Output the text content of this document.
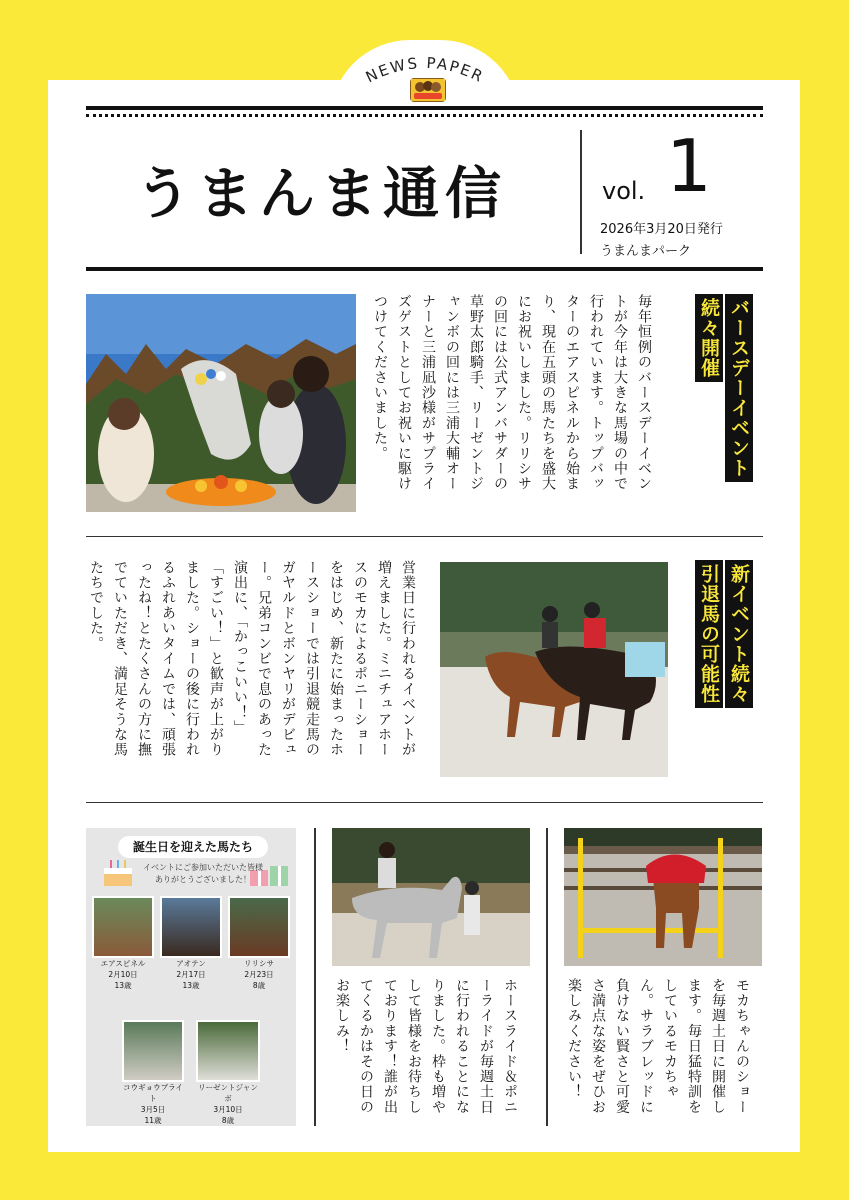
NEWS PAPER
うまんま通信	vol. 1
2026年3月20日発行
うまんまパーク
毎年恒例のバースデーイベン
トが今年は大きな馬場の中で
行われています。トップバッ
ターのエアスピネルから始ま
り、現在五頭の馬たちを盛大
にお祝いしました。リリシサ
の回には公式アンバサダーの
草野太郎騎手、リーゼントジ
ャンボの回には三浦大輔オー
ナーと三浦凪沙様がサプライ
ズゲストとしてお祝いに駆け
つけてくださいました。	バースデーイベント
続々開催
営業日に行われるイベントが
増えました。ミニチュアホー
スのモカによるポニーショー
をはじめ、新たに始まったホ
ースショーでは引退競走馬の
ガヤルドとボンヤリがデビュ
ー。兄弟コンビで息のあった
演出に、「かっこいい！」
「すごい！」と歓声が上がり
ました。ショーの後に行われ
るふれあいタイムでは、頑張
ったね！とたくさんの方に撫
でていただき、満足そうな馬
たちでした。	新イベント続々
引退馬の可能性
誕生日を迎えた馬たち
イベントにご参加いただいた皆様
ありがとうございました！
エアスピネル
2月10日
13歳
アオテン
2月17日
13歳
リリシサ
2月23日
8歳
コウギョウブライト
3月5日
11歳
リーゼントジャンボ
3月10日
8歳
ホースライド＆ポニ
ーライドが毎週土日
に行われることにな
りました。枠も増や
して皆様をお待ちし
ております！誰が出
てくるかはその日の
お楽しみ！	モカちゃんのショー
を毎週土日に開催し
ます。毎日猛特訓を
しているモカちゃ
ん。サラブレッドに
負けない賢さと可愛
さ満点な姿をぜひお
楽しみください！
